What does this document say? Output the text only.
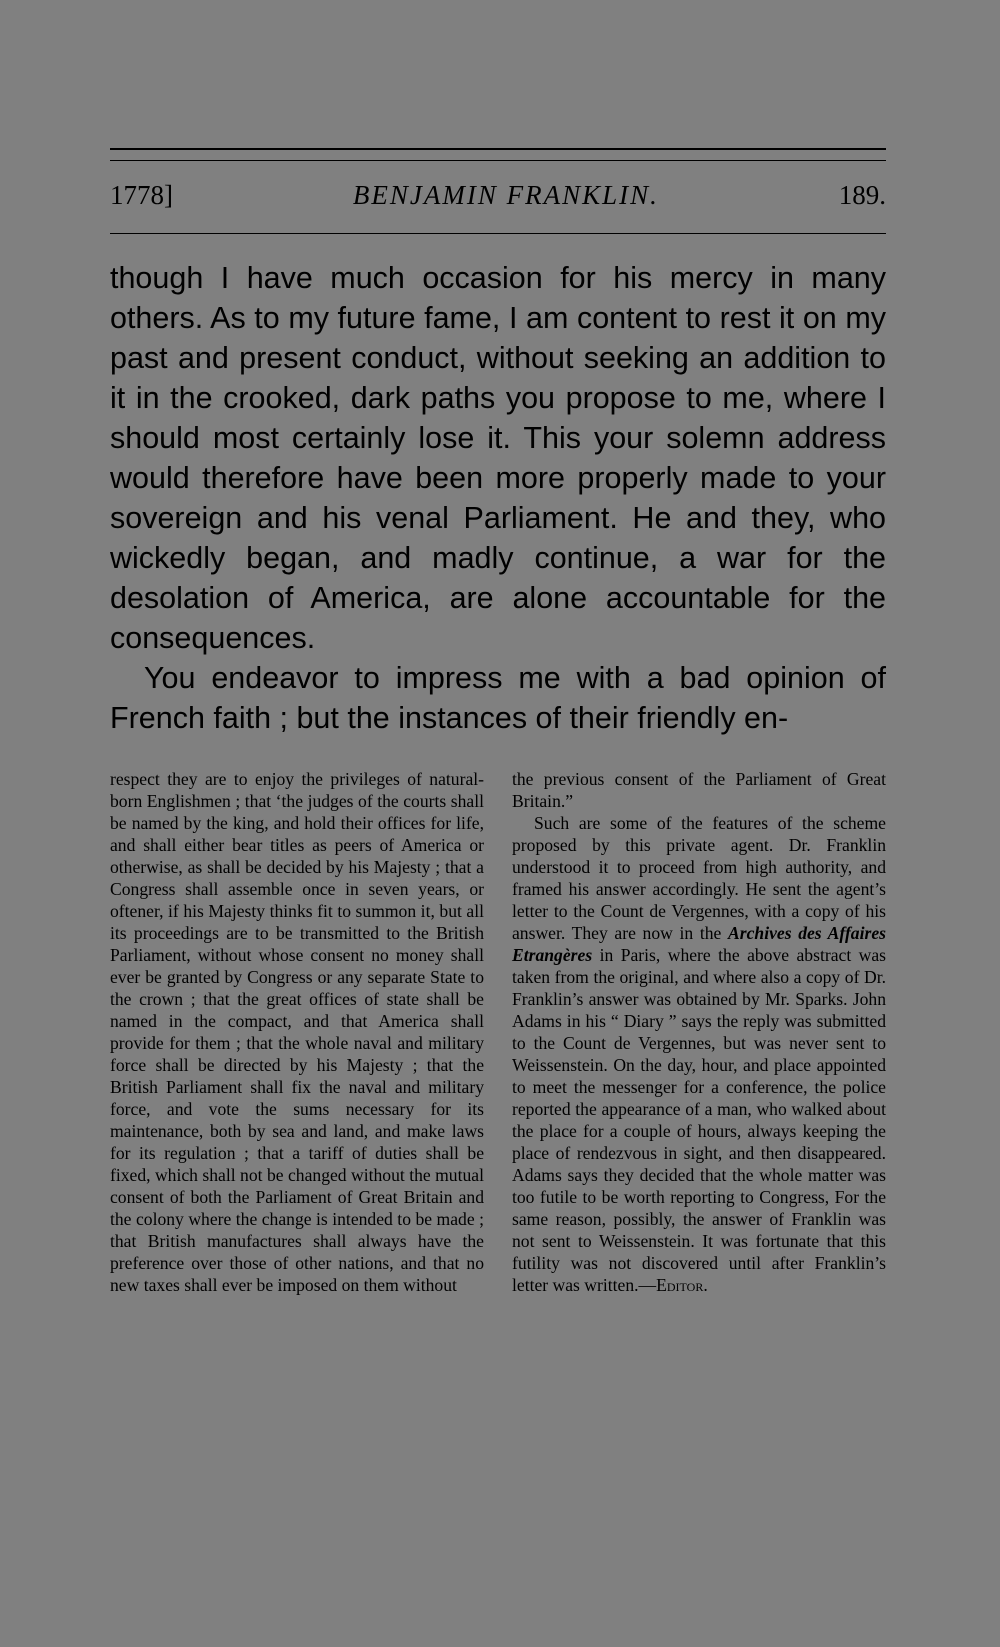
1778]	BENJAMIN FRANKLIN.	189.

though I have much occasion for his mercy in many others. As to my future fame, I am content to rest it on my past and present conduct, without seeking an addition to it in the crooked, dark paths you propose to me, where I should most certainly lose it. This your solemn address would therefore have been more properly made to your sovereign and his venal Parliament. He and they, who wickedly began, and madly continue, a war for the desolation of America, are alone accountable for the consequences.

You endeavor to impress me with a bad opinion of French faith ; but the instances of their friendly en-

respect they are to enjoy the privileges of natural-born Englishmen ; that ‘the judges of the courts shall be named by the king, and hold their offices for life, and shall either bear titles as peers of America or otherwise, as shall be decided by his Majesty ; that a Congress shall assemble once in seven years, or oftener, if his Majesty thinks fit to summon it, but all its proceedings are to be transmitted to the British Parliament, without whose consent no money shall ever be granted by Congress or any separate State to the crown ; that the great offices of state shall be named in the compact, and that America shall provide for them ; that the whole naval and military force shall be directed by his Majesty ; that the British Parliament shall fix the naval and military force, and vote the sums necessary for its maintenance, both by sea and land, and make laws for its regulation ; that a tariff of duties shall be fixed, which shall not be changed without the mutual consent of both the Parliament of Great Britain and the colony where the change is intended to be made ; that British manufactures shall always have the preference over those of other nations, and that no new taxes shall ever be imposed on them without

the previous consent of the Parliament of Great Britain.”

Such are some of the features of the scheme proposed by this private agent. Dr. Franklin understood it to proceed from high authority, and framed his answer accordingly. He sent the agent’s letter to the Count de Vergennes, with a copy of his answer. They are now in the Archives des Affaires Etrangères in Paris, where the above abstract was taken from the original, and where also a copy of Dr. Franklin’s answer was obtained by Mr. Sparks. John Adams in his “ Diary ” says the reply was submitted to the Count de Vergennes, but was never sent to Weissenstein. On the day, hour, and place appointed to meet the messenger for a conference, the police reported the appearance of a man, who walked about the place for a couple of hours, always keeping the place of rendezvous in sight, and then disappeared. Adams says they decided that the whole matter was too futile to be worth reporting to Congress, For the same reason, possibly, the answer of Franklin was not sent to Weissenstein. It was fortunate that this futility was not discovered until after Franklin’s letter was written.—Editor.
